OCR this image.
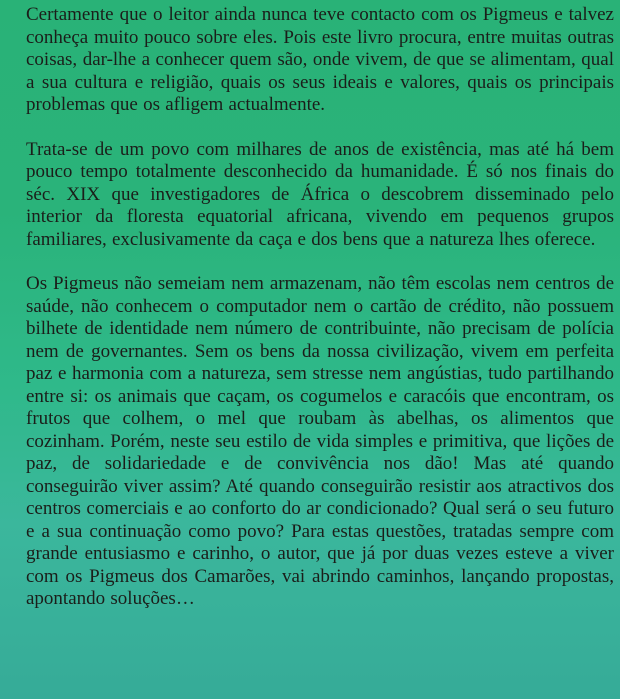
Certamente que o leitor ainda nunca teve contacto com os Pigmeus e talvez conheça muito pouco sobre eles. Pois este livro procura, entre muitas outras coisas, dar-lhe a conhecer quem são, onde vivem, de que se alimentam, qual a sua cultura e religião, quais os seus ideais e valores, quais os principais problemas que os afligem actualmente.

Trata-se de um povo com milhares de anos de existência, mas até há bem pouco tempo totalmente desconhecido da humanidade. É só nos finais do séc. XIX que investigadores de África o descobrem disseminado pelo interior da floresta equatorial africana, vivendo em pequenos grupos familiares, exclusivamente da caça e dos bens que a natureza lhes oferece.

Os Pigmeus não semeiam nem armazenam, não têm escolas nem centros de saúde, não conhecem o computador nem o cartão de crédito, não possuem bilhete de identidade nem número de contribuinte, não precisam de polícia nem de governantes. Sem os bens da nossa civilização, vivem em perfeita paz e harmonia com a natureza, sem stresse nem angústias, tudo partilhando entre si: os animais que caçam, os cogumelos e caracóis que encontram, os frutos que colhem, o mel que roubam às abelhas, os alimentos que cozinham. Porém, neste seu estilo de vida simples e primitiva, que lições de paz, de solidariedade e de convivência nos dão! Mas até quando conseguirão viver assim? Até quando conseguirão resistir aos atractivos dos centros comerciais e ao conforto do ar condicionado? Qual será o seu futuro e a sua continuação como povo? Para estas questões, tratadas sempre com grande entusiasmo e carinho, o autor, que já por duas vezes esteve a viver com os Pigmeus dos Camarões, vai abrindo caminhos, lançando propostas, apontando soluções…
